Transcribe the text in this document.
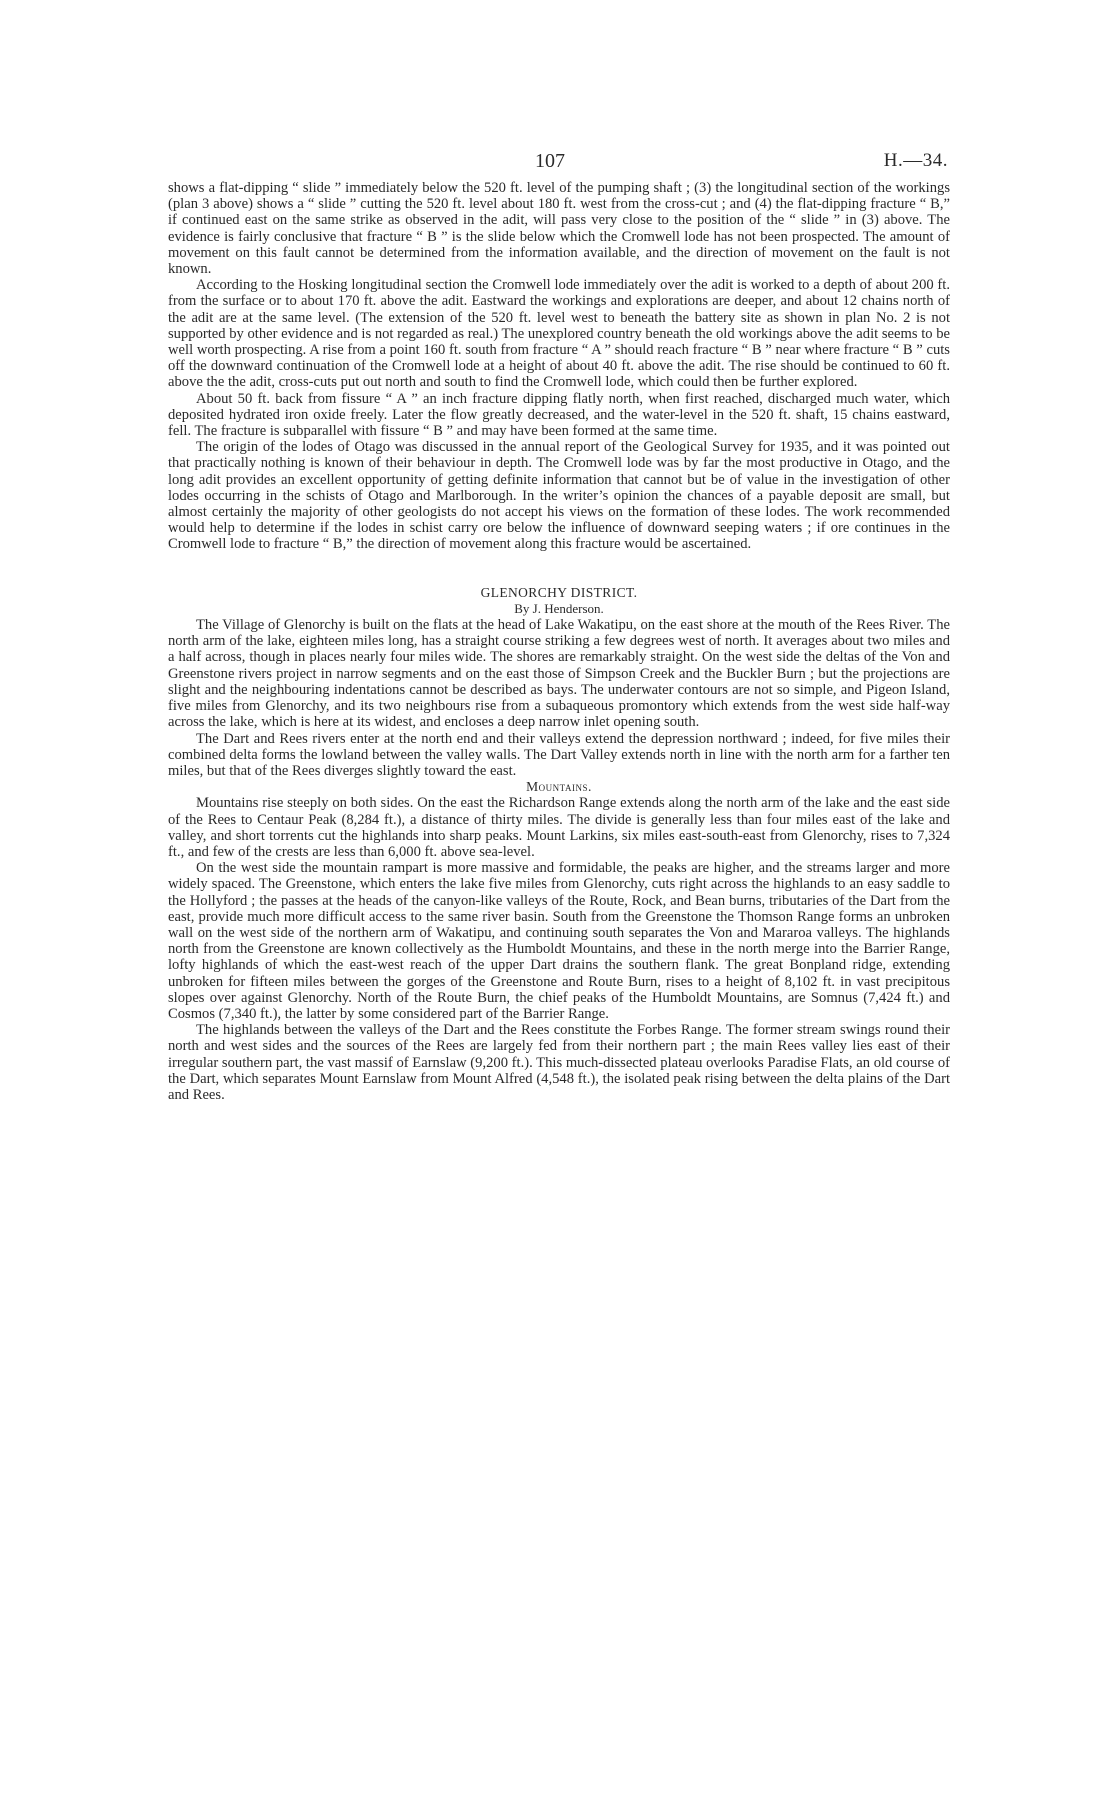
107	H.—34.

shows a flat-dipping “ slide ” immediately below the 520 ft. level of the pumping shaft ; (3) the longitudinal section of the workings (plan 3 above) shows a “ slide ” cutting the 520 ft. level about 180 ft. west from the cross-cut ; and (4) the flat-dipping fracture “ B,” if continued east on the same strike as observed in the adit, will pass very close to the position of the “ slide ” in (3) above. The evidence is fairly conclusive that fracture “ B ” is the slide below which the Cromwell lode has not been prospected. The amount of movement on this fault cannot be determined from the information available, and the direction of movement on the fault is not known.

According to the Hosking longitudinal section the Cromwell lode immediately over the adit is worked to a depth of about 200 ft. from the surface or to about 170 ft. above the adit. Eastward the workings and explorations are deeper, and about 12 chains north of the adit are at the same level. (The extension of the 520 ft. level west to beneath the battery site as shown in plan No. 2 is not supported by other evidence and is not regarded as real.) The unexplored country beneath the old workings above the adit seems to be well worth prospecting. A rise from a point 160 ft. south from fracture “ A ” should reach fracture “ B ” near where fracture “ B ” cuts off the downward continuation of the Cromwell lode at a height of about 40 ft. above the adit. The rise should be continued to 60 ft. above the the adit, cross-cuts put out north and south to find the Cromwell lode, which could then be further explored.

About 50 ft. back from fissure “ A ” an inch fracture dipping flatly north, when first reached, discharged much water, which deposited hydrated iron oxide freely. Later the flow greatly decreased, and the water-level in the 520 ft. shaft, 15 chains eastward, fell. The fracture is subparallel with fissure “ B ” and may have been formed at the same time.

The origin of the lodes of Otago was discussed in the annual report of the Geological Survey for 1935, and it was pointed out that practically nothing is known of their behaviour in depth. The Cromwell lode was by far the most productive in Otago, and the long adit provides an excellent opportunity of getting definite information that cannot but be of value in the investigation of other lodes occurring in the schists of Otago and Marlborough. In the writer’s opinion the chances of a payable deposit are small, but almost certainly the majority of other geologists do not accept his views on the formation of these lodes. The work recommended would help to determine if the lodes in schist carry ore below the influence of downward seeping waters ; if ore continues in the Cromwell lode to fracture “ B,” the direction of movement along this fracture would be ascertained.

GLENORCHY DISTRICT.

By J. Henderson.

The Village of Glenorchy is built on the flats at the head of Lake Wakatipu, on the east shore at the mouth of the Rees River. The north arm of the lake, eighteen miles long, has a straight course striking a few degrees west of north. It averages about two miles and a half across, though in places nearly four miles wide. The shores are remarkably straight. On the west side the deltas of the Von and Greenstone rivers project in narrow segments and on the east those of Simpson Creek and the Buckler Burn ; but the projections are slight and the neighbouring indentations cannot be described as bays. The underwater contours are not so simple, and Pigeon Island, five miles from Glenorchy, and its two neighbours rise from a subaqueous promontory which extends from the west side half-way across the lake, which is here at its widest, and encloses a deep narrow inlet opening south.

The Dart and Rees rivers enter at the north end and their valleys extend the depression northward ; indeed, for five miles their combined delta forms the lowland between the valley walls. The Dart Valley extends north in line with the north arm for a farther ten miles, but that of the Rees diverges slightly toward the east.

Mountains.

Mountains rise steeply on both sides. On the east the Richardson Range extends along the north arm of the lake and the east side of the Rees to Centaur Peak (8,284 ft.), a distance of thirty miles. The divide is generally less than four miles east of the lake and valley, and short torrents cut the highlands into sharp peaks. Mount Larkins, six miles east-south-east from Glenorchy, rises to 7,324 ft., and few of the crests are less than 6,000 ft. above sea-level.

On the west side the mountain rampart is more massive and formidable, the peaks are higher, and the streams larger and more widely spaced. The Greenstone, which enters the lake five miles from Glenorchy, cuts right across the highlands to an easy saddle to the Hollyford ; the passes at the heads of the canyon-like valleys of the Route, Rock, and Bean burns, tributaries of the Dart from the east, provide much more difficult access to the same river basin. South from the Greenstone the Thomson Range forms an unbroken wall on the west side of the northern arm of Wakatipu, and continuing south separates the Von and Mararoa valleys. The highlands north from the Greenstone are known collectively as the Humboldt Mountains, and these in the north merge into the Barrier Range, lofty highlands of which the east-west reach of the upper Dart drains the southern flank. The great Bonpland ridge, extending unbroken for fifteen miles between the gorges of the Greenstone and Route Burn, rises to a height of 8,102 ft. in vast precipitous slopes over against Glenorchy. North of the Route Burn, the chief peaks of the Humboldt Mountains, are Somnus (7,424 ft.) and Cosmos (7,340 ft.), the latter by some considered part of the Barrier Range.

The highlands between the valleys of the Dart and the Rees constitute the Forbes Range. The former stream swings round their north and west sides and the sources of the Rees are largely fed from their northern part ; the main Rees valley lies east of their irregular southern part, the vast massif of Earnslaw (9,200 ft.). This much-dissected plateau overlooks Paradise Flats, an old course of the Dart, which separates Mount Earnslaw from Mount Alfred (4,548 ft.), the isolated peak rising between the delta plains of the Dart and Rees.
